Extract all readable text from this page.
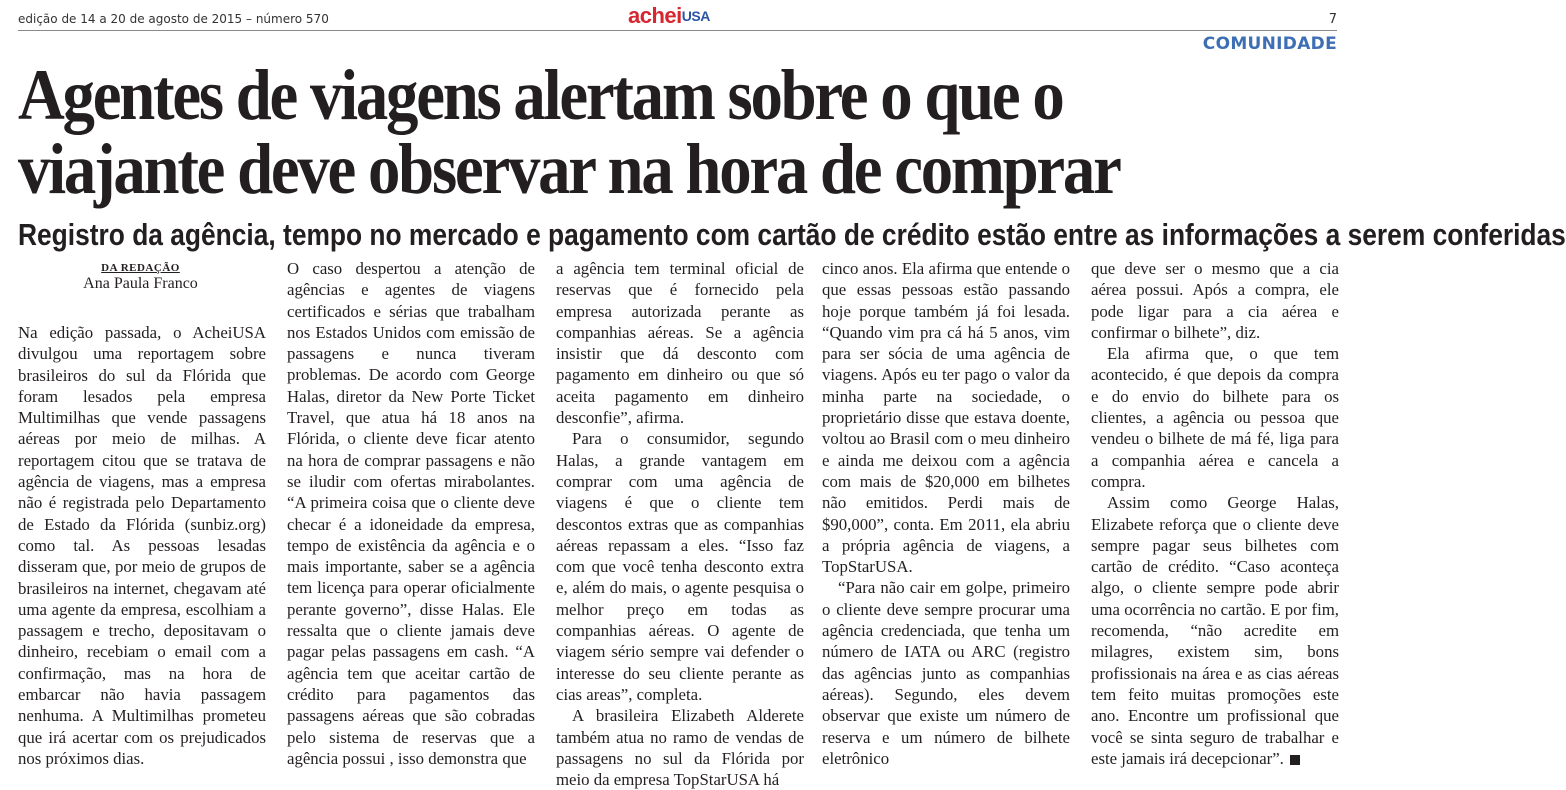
edição de 14 a 20 de agosto de 2015 – número 570	acheiUSA	7
COMUNIDADE
Agentes de viagens alertam sobre o que o
viajante deve observar na hora de comprar
Registro da agência, tempo no mercado e pagamento com cartão de crédito estão entre as informações a serem conferidas
DA REDAÇÃO
Ana Paula Franco

Na edição passada, o AcheiUSA divulgou uma reportagem sobre brasileiros do sul da Flórida que foram lesados pela empresa Multimilhas que vende passagens aéreas por meio de milhas. A reportagem citou que se tratava de agência de viagens, mas a empresa não é registrada pelo Departamento de Estado da Flórida (sunbiz.org) como tal. As pessoas lesadas disseram que, por meio de grupos de brasileiros na internet, chegavam até uma agente da empresa, escolhiam a passagem e trecho, depositavam o dinheiro, recebiam o email com a confirmação, mas na hora de embarcar não havia passagem nenhuma. A Multimilhas prometeu que irá acertar com os prejudicados nos próximos dias.

O caso despertou a atenção de agências e agentes de viagens certificados e sérias que trabalham nos Estados Unidos com emissão de passagens e nunca tiveram problemas. De acordo com George Halas, diretor da New Porte Ticket Travel, que atua há 18 anos na Flórida, o cliente deve ficar atento na hora de comprar passagens e não se iludir com ofertas mirabolantes. “A primeira coisa que o cliente deve checar é a idoneidade da empresa, tempo de existência da agência e o mais importante, saber se a agência tem licença para operar oficialmente perante governo”, disse Halas. Ele ressalta que o cliente jamais deve pagar pelas passagens em cash. “A agência tem que aceitar cartão de crédito para pagamentos das passagens aéreas que são cobradas pelo sistema de reservas que a agência possui , isso demonstra que

a agência tem terminal oficial de reservas que é fornecido pela empresa autorizada perante as companhias aéreas. Se a agência insistir que dá desconto com pagamento em dinheiro ou que só aceita pagamento em dinheiro desconfie”, afirma.

Para o consumidor, segundo Halas, a grande vantagem em comprar com uma agência de viagens é que o cliente tem descontos extras que as companhias aéreas repassam a eles. “Isso faz com que você tenha desconto extra e, além do mais, o agente pesquisa o melhor preço em todas as companhias aéreas. O agente de viagem sério sempre vai defender o interesse do seu cliente perante as cias areas”, completa.

A brasileira Elizabeth Alderete também atua no ramo de vendas de passagens no sul da Flórida por meio da empresa TopStarUSA há

cinco anos. Ela afirma que entende o que essas pessoas estão passando hoje porque também já foi lesada. “Quando vim pra cá há 5 anos, vim para ser sócia de uma agência de viagens. Após eu ter pago o valor da minha parte na sociedade, o proprietário disse que estava doente, voltou ao Brasil com o meu dinheiro e ainda me deixou com a agência com mais de $20,000 em bilhetes não emitidos. Perdi mais de $90,000”, conta. Em 2011, ela abriu a própria agência de viagens, a TopStarUSA.

“Para não cair em golpe, primeiro o cliente deve sempre procurar uma agência credenciada, que tenha um número de IATA ou ARC (registro das agências junto as companhias aéreas). Segundo, eles devem observar que existe um número de reserva e um número de bilhete eletrônico

que deve ser o mesmo que a cia aérea possui. Após a compra, ele pode ligar para a cia aérea e confirmar o bilhete”, diz.

Ela afirma que, o que tem acontecido, é que depois da compra e do envio do bilhete para os clientes, a agência ou pessoa que vendeu o bilhete de má fé, liga para a companhia aérea e cancela a compra.

Assim como George Halas, Elizabete reforça que o cliente deve sempre pagar seus bilhetes com cartão de crédito. “Caso aconteça algo, o cliente sempre pode abrir uma ocorrência no cartão. E por fim, recomenda, “não acredite em milagres, existem sim, bons profissionais na área e as cias aéreas tem feito muitas promoções este ano. Encontre um profissional que você se sinta seguro de trabalhar e este jamais irá decepcionar”.
